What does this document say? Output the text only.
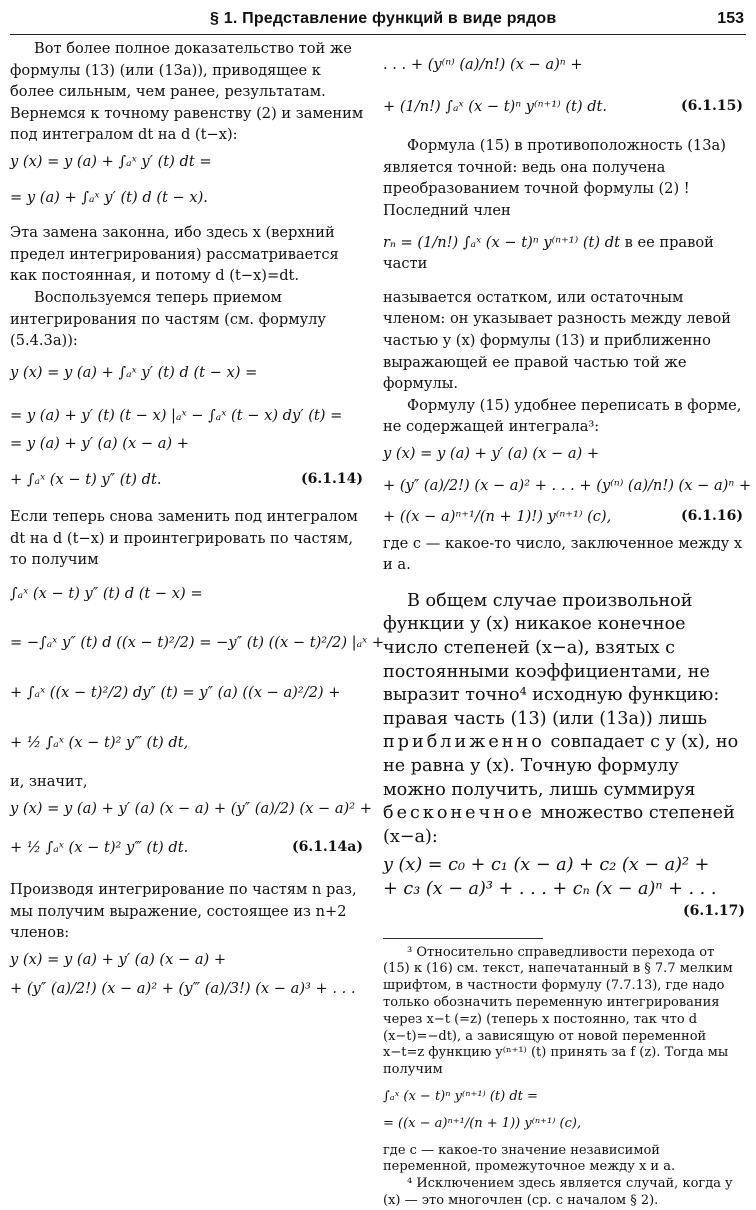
§ 1. Представление функций в виде рядов	153

Вот более полное доказательство той же формулы (13) (или (13а)), приводящее к более сильным, чем ранее, результатам. Вернемся к точному равенству (2) и заменим под интегралом dt на d (t−x):

y (x) = y (a) + ∫ₐˣ y′ (t) dt =
= y (a) + ∫ₐˣ y′ (t) d (t − x).

Эта замена законна, ибо здесь x (верхний предел интегрирования) рассматривается как постоянная, и потому d (t−x)=dt.

Воспользуемся теперь приемом интегрирования по частям (см. формулу (5.4.3а)):

y (x) = y (a) + ∫ₐˣ y′ (t) d (t − x) =
= y (a) + y′ (t) (t − x) |ₐˣ − ∫ₐˣ (t − x) dy′ (t) =
= y (a) + y′ (a) (x − a) +
+ ∫ₐˣ (x − t) y″ (t) dt.	(6.1.14)

Если теперь снова заменить под интегралом dt на d (t−x) и проинтегрировать по частям, то получим

∫ₐˣ (x − t) y″ (t) d (t − x) =
= −∫ₐˣ y″ (t) d ((x − t)²/2) = −y″ (t) ((x − t)²/2) |ₐˣ +
+ ∫ₐˣ ((x − t)²/2) dy″ (t) = y″ (a) ((x − a)²/2) +
+ ½ ∫ₐˣ (x − t)² y‴ (t) dt,

и, значит,

y (x) = y (a) + y′ (a) (x − a) + (y″ (a)/2) (x − a)² +
+ ½ ∫ₐˣ (x − t)² y‴ (t) dt.	(6.1.14а)

Производя интегрирование по частям n раз, мы получим выражение, состоящее из n+2 членов:

y (x) = y (a) + y′ (a) (x − a) +
+ (y″ (a)/2!) (x − a)² + (y‴ (a)/3!) (x − a)³ + . . .
. . . + (y⁽ⁿ⁾ (a)/n!) (x − a)ⁿ +
+ (1/n!) ∫ₐˣ (x − t)ⁿ y⁽ⁿ⁺¹⁾ (t) dt.	(6.1.15)

Формула (15) в противоположность (13а) является точной: ведь она получена преобразованием точной формулы (2) ! Последний член

rₙ = (1/n!) ∫ₐˣ (x − t)ⁿ y⁽ⁿ⁺¹⁾ (t) dt в ее правой части

называется остатком, или остаточным членом: он указывает разность между левой частью y (x) формулы (13) и приближенно выражающей ее правой частью той же формулы.

Формулу (15) удобнее переписать в форме, не содержащей интеграла³:

y (x) = y (a) + y′ (a) (x − a) +
+ (y″ (a)/2!) (x − a)² + . . . + (y⁽ⁿ⁾ (a)/n!) (x − a)ⁿ +
+ ((x − a)ⁿ⁺¹/(n + 1)!) y⁽ⁿ⁺¹⁾ (c),	(6.1.16)

где c — какое-то число, заключенное между x и a.

В общем случае произвольной функции y (x) никакое конечное число степеней (x−a), взятых с постоянными коэффициентами, не выразит точно⁴ исходную функцию: правая часть (13) (или (13а)) лишь приближенно совпадает с y (x), но не равна y (x). Точную формулу можно получить, лишь суммируя бесконечное множество степеней (x−a):

y (x) = c₀ + c₁ (x − a) + c₂ (x − a)² +
+ c₃ (x − a)³ + . . . + cₙ (x − a)ⁿ + . . .
(6.1.17)

³ Относительно справедливости перехода от (15) к (16) см. текст, напечатанный в § 7.7 мелким шрифтом, в частности формулу (7.7.13), где надо только обозначить переменную интегрирования через x−t (=z) (теперь x постоянно, так что d (x−t)=−dt), а зависящую от новой переменной x−t=z функцию y⁽ⁿ⁺¹⁾ (t) принять за f (z). Тогда мы получим

∫ₐˣ (x − t)ⁿ y⁽ⁿ⁺¹⁾ (t) dt =
= ((x − a)ⁿ⁺¹/(n + 1)) y⁽ⁿ⁺¹⁾ (c),

где c — какое-то значение независимой переменной, промежуточное между x и a.

⁴ Исключением здесь является случай, когда y (x) — это многочлен (ср. с началом § 2).
